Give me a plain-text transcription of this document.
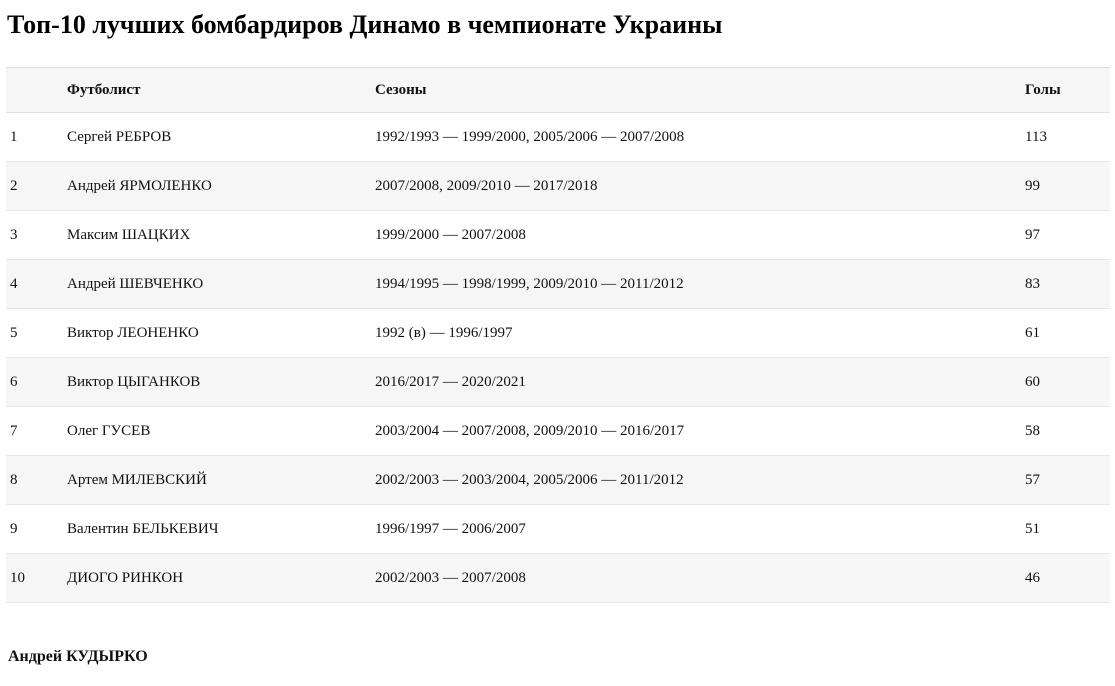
Топ-10 лучших бомбардиров Динамо в чемпионате Украины
	Футболист	Сезоны	Голы
1	Сергей РЕБРОВ	1992/1993 — 1999/2000, 2005/2006 — 2007/2008	113
2	Андрей ЯРМОЛЕНКО	2007/2008, 2009/2010 — 2017/2018	99
3	Максим ШАЦКИХ	1999/2000 — 2007/2008	97
4	Андрей ШЕВЧЕНКО	1994/1995 — 1998/1999, 2009/2010 — 2011/2012	83
5	Виктор ЛЕОНЕНКО	1992 (в) — 1996/1997	61
6	Виктор ЦЫГАНКОВ	2016/2017 — 2020/2021	60
7	Олег ГУСЕВ	2003/2004 — 2007/2008, 2009/2010 — 2016/2017	58
8	Артем МИЛЕВСКИЙ	2002/2003 — 2003/2004, 2005/2006 — 2011/2012	57
9	Валентин БЕЛЬКЕВИЧ	1996/1997 — 2006/2007	51
10	ДИОГО РИНКОН	2002/2003 — 2007/2008	46
Андрей КУДЫРКО
